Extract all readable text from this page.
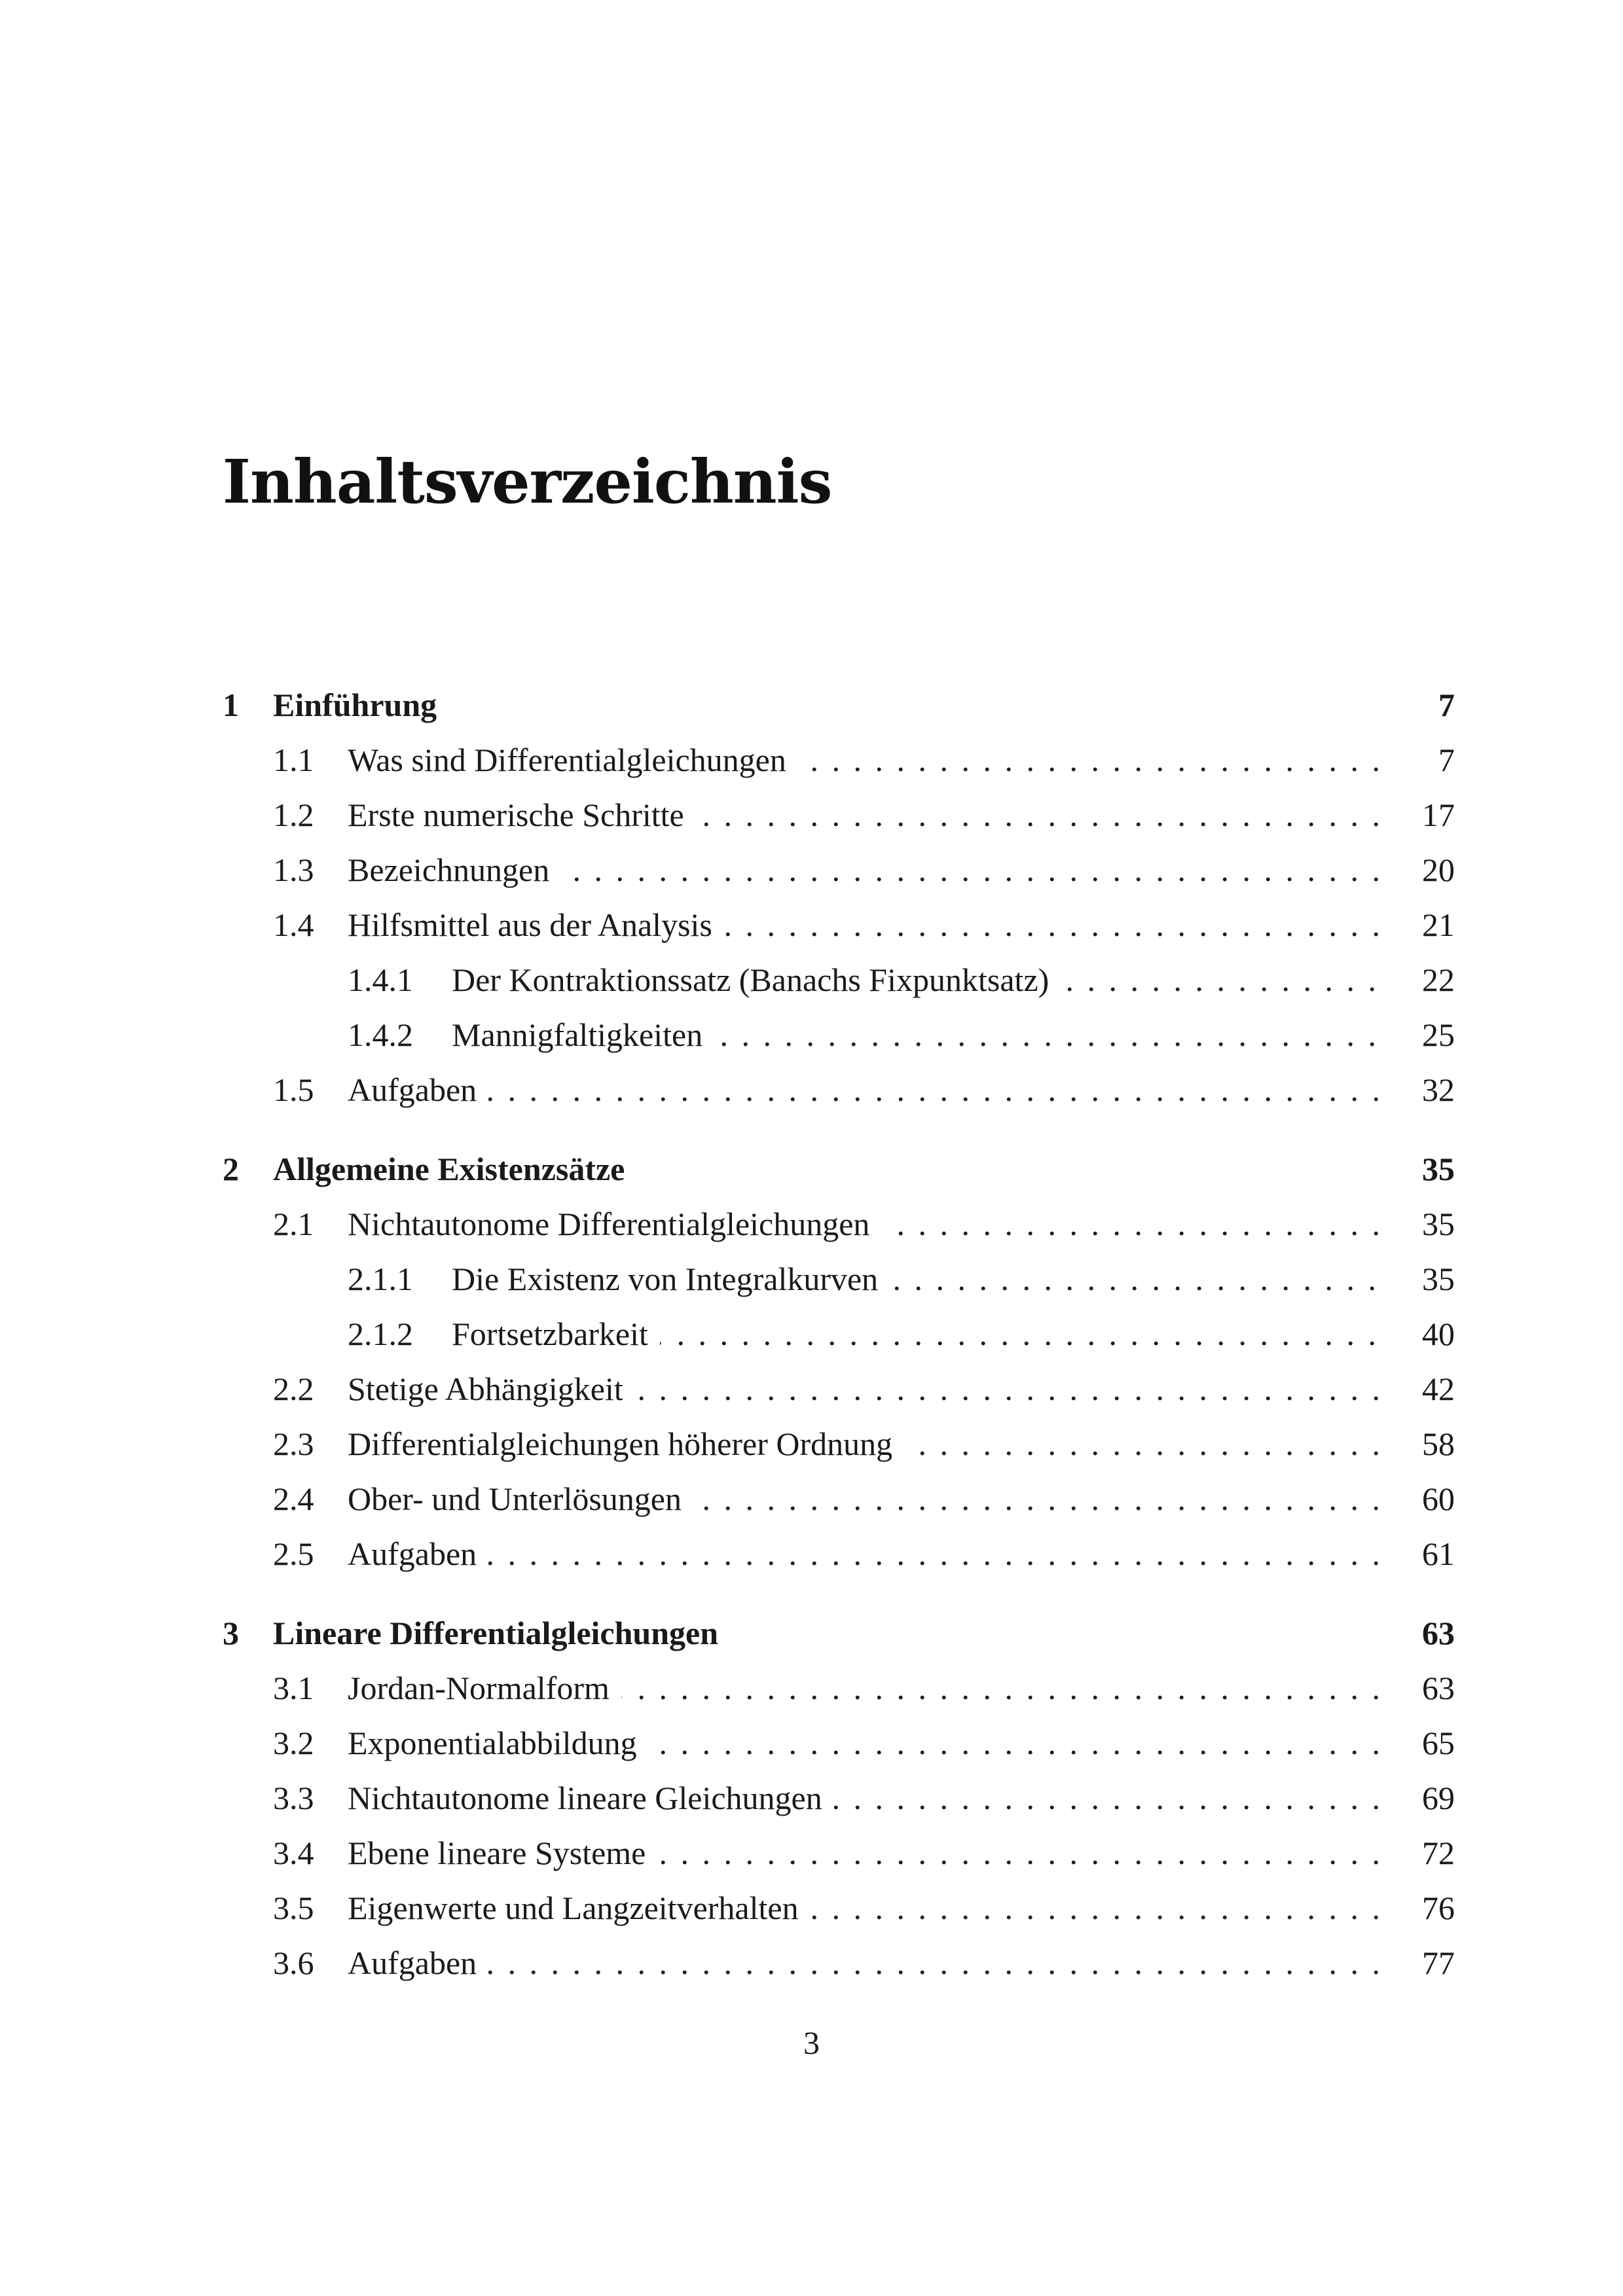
Inhaltsverzeichnis
1 Einführung	7
1.1 Was sind Differentialgleichungen . . .	7
1.2 Erste numerische Schritte . . .	17
1.3 Bezeichnungen . . .	20
1.4 Hilfsmittel aus der Analysis . . .	21
1.4.1 Der Kontraktionssatz (Banachs Fixpunktsatz) . . .	22
1.4.2 Mannigfaltigkeiten . . .	25
1.5 Aufgaben . . .	32
2 Allgemeine Existenzsätze	35
2.1 Nichtautonome Differentialgleichungen . . .	35
2.1.1 Die Existenz von Integralkurven . . .	35
2.1.2 Fortsetzbarkeit . . .	40
2.2 Stetige Abhängigkeit . . .	42
2.3 Differentialgleichungen höherer Ordnung . . .	58
2.4 Ober- und Unterlösungen . . .	60
2.5 Aufgaben . . .	61
3 Lineare Differentialgleichungen	63
3.1 Jordan-Normalform . . .	63
3.2 Exponentialabbildung . . .	65
3.3 Nichtautonome lineare Gleichungen . . .	69
3.4 Ebene lineare Systeme . . .	72
3.5 Eigenwerte und Langzeitverhalten . . .	76
3.6 Aufgaben . . .	77
3
